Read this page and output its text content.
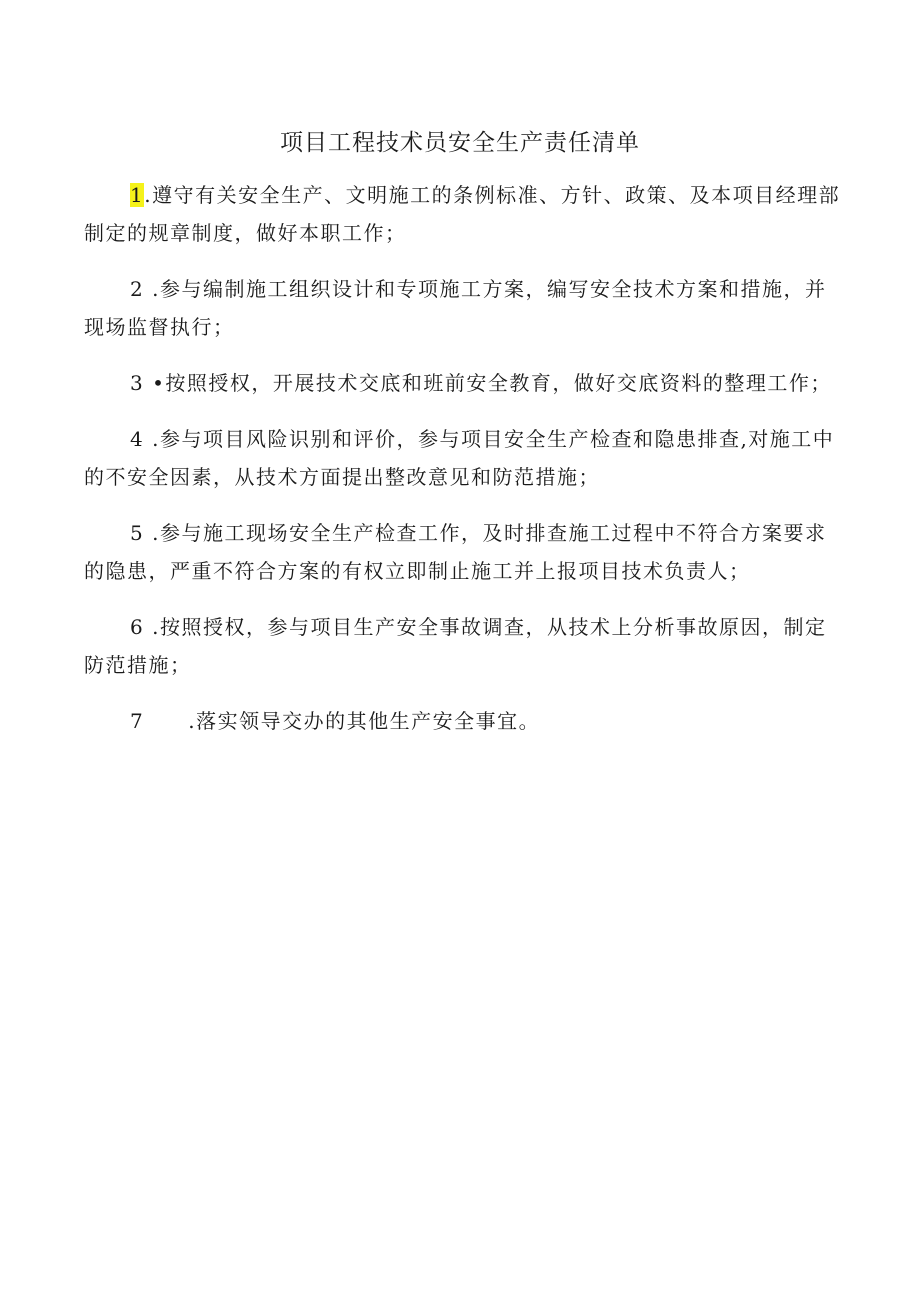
项目工程技术员安全生产责任清单
1.遵守有关安全生产、文明施工的条例标准、方针、政策、及本项目经理部制定的规章制度，做好本职工作；
2 .参与编制施工组织设计和专项施工方案，编写安全技术方案和措施，并现场监督执行；
3 •按照授权，开展技术交底和班前安全教育，做好交底资料的整理工作；
4 .参与项目风险识别和评价，参与项目安全生产检查和隐患排查,对施工中的不安全因素，从技术方面提出整改意见和防范措施；
5 .参与施工现场安全生产检查工作，及时排查施工过程中不符合方案要求的隐患，严重不符合方案的有权立即制止施工并上报项目技术负责人；
6 .按照授权，参与项目生产安全事故调查，从技术上分析事故原因，制定防范措施；
7 .落实领导交办的其他生产安全事宜。
